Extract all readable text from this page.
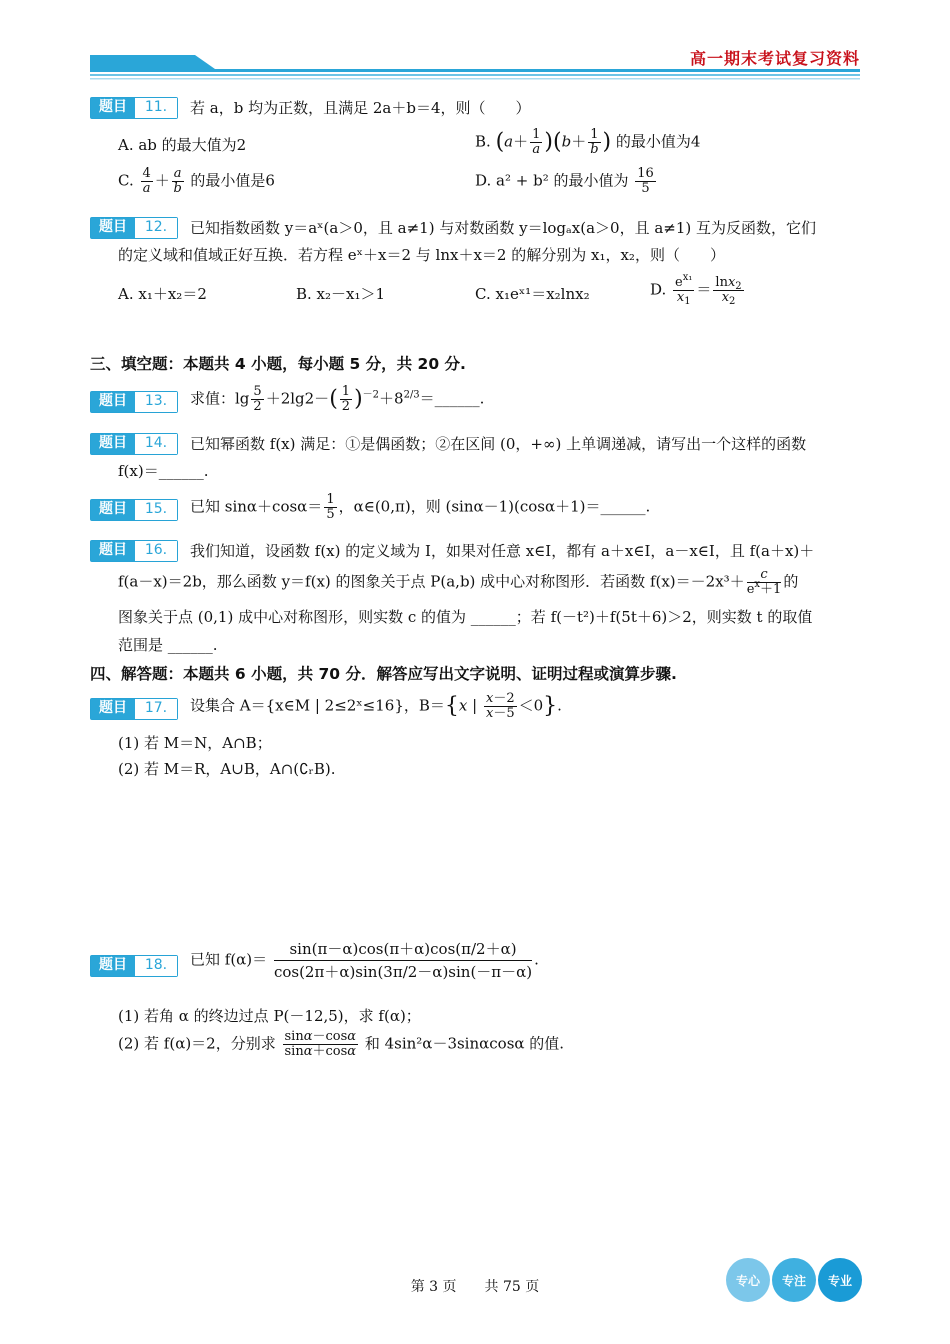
高一期末考试复习资料
题目	11.	若 a，b 均为正数，且满足 2a＋b＝4，则（　　）
A. ab 的最大值为2	B. $(a+ \frac{1}{a} )(b+ \frac{1}{b}$ ) 的最小值为4
C. $\frac{4}{a} + \frac{a}{b}$ 的最小值是6	D. a² + b² 的最小值为 $\frac{16}{5}$
题目	12.	已知指数函数 y＝aˣ(a＞0，且 a≠1) 与对数函数 y＝logₐx(a＞0，且 a≠1) 互为反函数，它们
的定义域和值域正好互换．若方程 eˣ＋x＝2 与 lnx＋x＝2 的解分别为 x₁，x₂，则（　　）
A. x₁＋x₂＝2	B. x₂－x₁＞1	C. x₁eˣ¹＝x₂lnx₂	D. $\frac{e^{x_1}}{x_1} = \frac{\ln x_2}{x_2}$
三、填空题：本题共 4 小题，每小题 5 分，共 20 分.
题目	13.	求值：$\lg \frac{5}{2} +2\lg 2-( \frac{1}{2}$ )$^{-2}+8^{2/3}=\_\_\_\_\_\_$.
题目	14.	已知幂函数 f(x) 满足：①是偶函数；②在区间 (0，+∞) 上单调递减，请写出一个这样的函数
f(x)＝______.
题目	15.	已知 $\sin\alpha+\cos\alpha= \frac{1}{5}$ ，α∈(0,π)，则 (sinα－1)(cosα＋1)＝______.
题目	16.	我们知道，设函数 f(x) 的定义域为 I，如果对任意 x∈I，都有 a＋x∈I，a－x∈I，且 f(a＋x)＋
f(a－x)＝2b，那么函数 y＝f(x) 的图象关于点 P(a,b) 成中心对称图形．若函数 $f(x)=-2x^3+ \frac{c}{e^x+1}$ 的
图象关于点 (0,1) 成中心对称图形，则实数 c 的值为 ______；若 f(－t²)＋f(5t＋6)＞2，则实数 t 的取值
范围是 ______.
四、解答题：本题共 6 小题，共 70 分．解答应写出文字说明、证明过程或演算步骤.
题目	17.	设集合 A＝{x∈M | 2≤2ˣ≤16}，B＝{x | $\frac{x-2}{x-5} <0$}.
(1) 若 M＝N，A∩B；
(2) 若 M＝R，A∪B，A∩(∁ᵣB).
题目	18.	已知 $f(\alpha)= \frac{\sin(\pi-\alpha)\cos(\pi+\alpha)\cos(\pi/2+\alpha)}{\cos(2\pi+\alpha)\sin(3\pi/2-\alpha)\sin(-\pi-\alpha)}$ .
(1) 若角 α 的终边过点 P(－12,5)，求 f(α)；
(2) 若 f(α)＝2，分别求 $\frac{\sin\alpha-\cos\alpha}{\sin\alpha+\cos\alpha}$ 和 4sin²α－3sinαcosα 的值.
第 3 页　　共 75 页	专心	专注	专业
